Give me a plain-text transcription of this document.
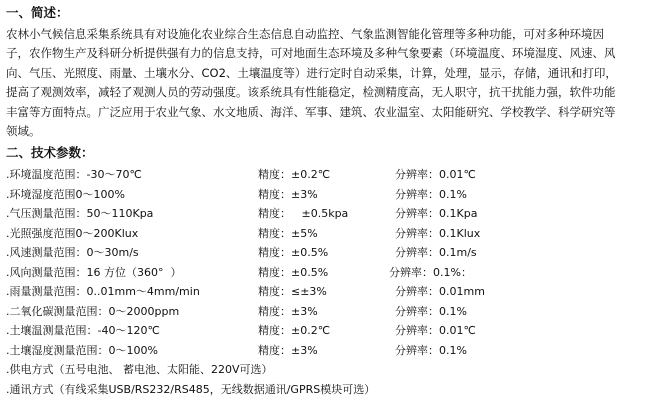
一、简述：
农林小气候信息采集系统具有对设施化农业综合生态信息自动监控、气象监测智能化管理等多种功能，可对多种环境因
子，农作物生产及科研分析提供强有力的信息支持，可对地面生态环境及多种气象要素（环境温度、环境湿度、风速、风
向、气压、光照度、雨量、土壤水分、CO2、土壤温度等）进行定时自动采集，计算，处理，显示，存储，通讯和打印，
提高了观测效率，减轻了观测人员的劳动强度。该系统具有性能稳定，检测精度高，无人职守，抗干扰能力强，软件功能
丰富等方面特点。广泛应用于农业气象、水文地质、海洋、军事、建筑、农业温室、太阳能研究、学校教学、科学研究等
领域。
二、技术参数：
.环境温度范围：-30～70℃	精度：±0.2℃	分辨率：0.01℃
.环境湿度范围0～100%	精度：±3%	分辨率：0.1%
.气压测量范围：50～110Kpa	精度：   ±0.5kpa	分辨率：0.1Kpa
.光照强度范围0～200Klux	精度：±5%	分辨率：0.1Klux
.风速测量范围：0～30m/s	精度：±0.5%	分辨率：0.1m/s
.风向测量范围：16 方位（360°  ）	精度：±0.5%	分辨率：0.1%：
.雨量测量范围：0..01mm～4mm/min	精度：≤±3%	分辨率：0.01mm
.二氧化碳测量范围：0～2000ppm	精度：±3%	分辨率：0.1%
.土壤温测量范围：-40～120℃	精度：±0.2℃	分辨率：0.01℃
.土壤湿度测量范围：0～100%	精度：±3%	分辨率：0.1%
.供电方式（五号电池、 蓄电池、太阳能、220V可选）
.通讯方式（有线采集USB/RS232/RS485，无线数据通讯/GPRS模块可选）
